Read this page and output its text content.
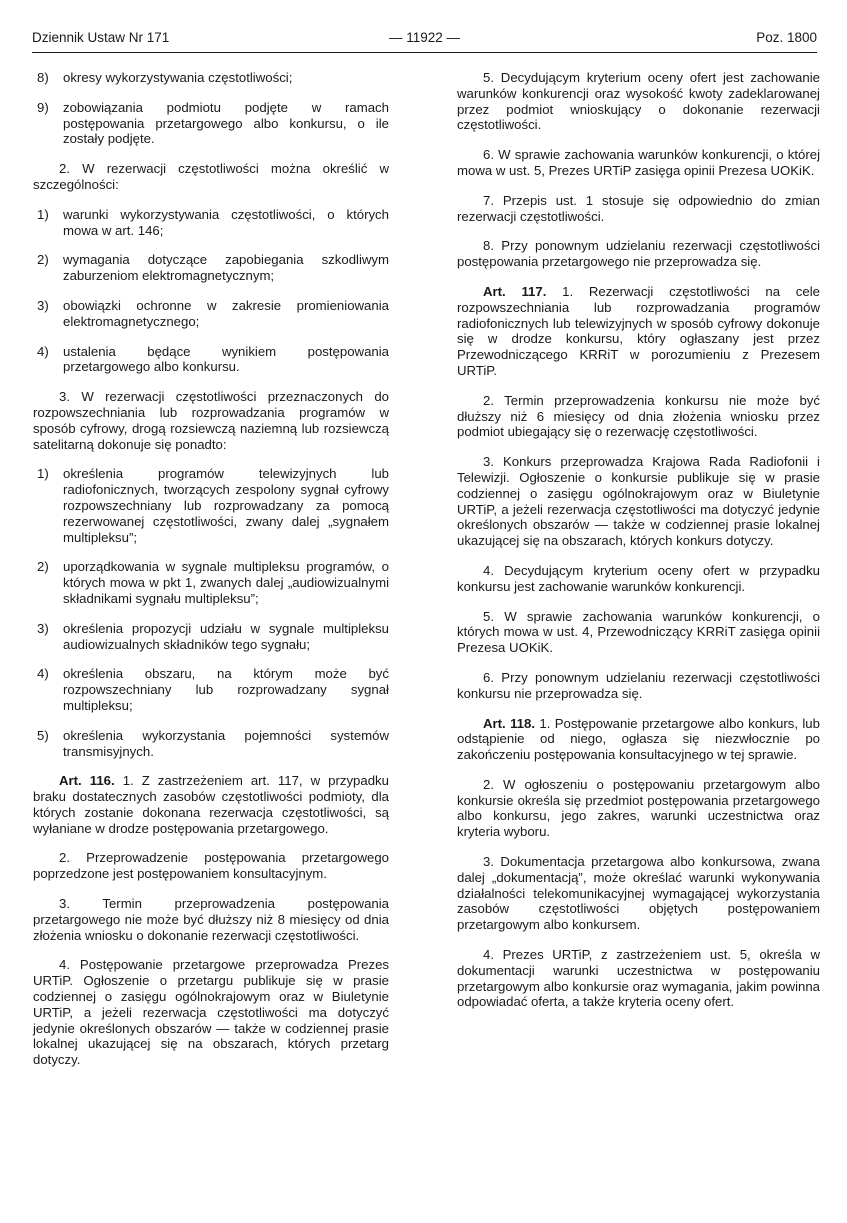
Dziennik Ustaw Nr 171	— 11922 —	Poz. 1800
8) okresy wykorzystywania częstotliwości;
9) zobowiązania podmiotu podjęte w ramach postępowania przetargowego albo konkursu, o ile zostały podjęte.

2. W rezerwacji częstotliwości można określić w szczególności:

1) warunki wykorzystywania częstotliwości, o których mowa w art. 146;
2) wymagania dotyczące zapobiegania szkodliwym zaburzeniom elektromagnetycznym;
3) obowiązki ochronne w zakresie promieniowania elektromagnetycznego;
4) ustalenia będące wynikiem postępowania przetargowego albo konkursu.

3. W rezerwacji częstotliwości przeznaczonych do rozpowszechniania lub rozprowadzania programów w sposób cyfrowy, drogą rozsiewczą naziemną lub rozsiewczą satelitarną dokonuje się ponadto:

1) określenia programów telewizyjnych lub radiofonicznych, tworzących zespolony sygnał cyfrowy rozpowszechniany lub rozprowadzany za pomocą rezerwowanej częstotliwości, zwany dalej „sygnałem multipleksu”;
2) uporządkowania w sygnale multipleksu programów, o których mowa w pkt 1, zwanych dalej „audiowizualnymi składnikami sygnału multipleksu”;
3) określenia propozycji udziału w sygnale multipleksu audiowizualnych składników tego sygnału;
4) określenia obszaru, na którym może być rozpowszechniany lub rozprowadzany sygnał multipleksu;
5) określenia wykorzystania pojemności systemów transmisyjnych.

Art. 116. 1. Z zastrzeżeniem art. 117, w przypadku braku dostatecznych zasobów częstotliwości podmioty, dla których zostanie dokonana rezerwacja częstotliwości, są wyłaniane w drodze postępowania przetargowego.

2. Przeprowadzenie postępowania przetargowego poprzedzone jest postępowaniem konsultacyjnym.

3. Termin przeprowadzenia postępowania przetargowego nie może być dłuższy niż 8 miesięcy od dnia złożenia wniosku o dokonanie rezerwacji częstotliwości.

4. Postępowanie przetargowe przeprowadza Prezes URTiP. Ogłoszenie o przetargu publikuje się w prasie codziennej o zasięgu ogólnokrajowym oraz w Biuletynie URTiP, a jeżeli rezerwacja częstotliwości ma dotyczyć jedynie określonych obszarów — także w codziennej prasie lokalnej ukazującej się na obszarach, których przetarg dotyczy.

5. Decydującym kryterium oceny ofert jest zachowanie warunków konkurencji oraz wysokość kwoty zadeklarowanej przez podmiot wnioskujący o dokonanie rezerwacji częstotliwości.

6. W sprawie zachowania warunków konkurencji, o której mowa w ust. 5, Prezes URTiP zasięga opinii Prezesa UOKiK.

7. Przepis ust. 1 stosuje się odpowiednio do zmian rezerwacji częstotliwości.

8. Przy ponownym udzielaniu rezerwacji częstotliwości postępowania przetargowego nie przeprowadza się.

Art. 117. 1. Rezerwacji częstotliwości na cele rozpowszechniania lub rozprowadzania programów radiofonicznych lub telewizyjnych w sposób cyfrowy dokonuje się w drodze konkursu, który ogłaszany jest przez Przewodniczącego KRRiT w porozumieniu z Prezesem URTiP.

2. Termin przeprowadzenia konkursu nie może być dłuższy niż 6 miesięcy od dnia złożenia wniosku przez podmiot ubiegający się o rezerwację częstotliwości.

3. Konkurs przeprowadza Krajowa Rada Radiofonii i Telewizji. Ogłoszenie o konkursie publikuje się w prasie codziennej o zasięgu ogólnokrajowym oraz w Biuletynie URTiP, a jeżeli rezerwacja częstotliwości ma dotyczyć jedynie określonych obszarów — także w codziennej prasie lokalnej ukazującej się na obszarach, których konkurs dotyczy.

4. Decydującym kryterium oceny ofert w przypadku konkursu jest zachowanie warunków konkurencji.

5. W sprawie zachowania warunków konkurencji, o których mowa w ust. 4, Przewodniczący KRRiT zasięga opinii Prezesa UOKiK.

6. Przy ponownym udzielaniu rezerwacji częstotliwości konkursu nie przeprowadza się.

Art. 118. 1. Postępowanie przetargowe albo konkurs, lub odstąpienie od niego, ogłasza się niezwłocznie po zakończeniu postępowania konsultacyjnego w tej sprawie.

2. W ogłoszeniu o postępowaniu przetargowym albo konkursie określa się przedmiot postępowania przetargowego albo konkursu, jego zakres, warunki uczestnictwa oraz kryteria wyboru.

3. Dokumentacja przetargowa albo konkursowa, zwana dalej „dokumentacją”, może określać warunki wykonywania działalności telekomunikacyjnej wymagającej wykorzystania zasobów częstotliwości objętych postępowaniem przetargowym albo konkursem.

4. Prezes URTiP, z zastrzeżeniem ust. 5, określa w dokumentacji warunki uczestnictwa w postępowaniu przetargowym albo konkursie oraz wymagania, jakim powinna odpowiadać oferta, a także kryteria oceny ofert.
